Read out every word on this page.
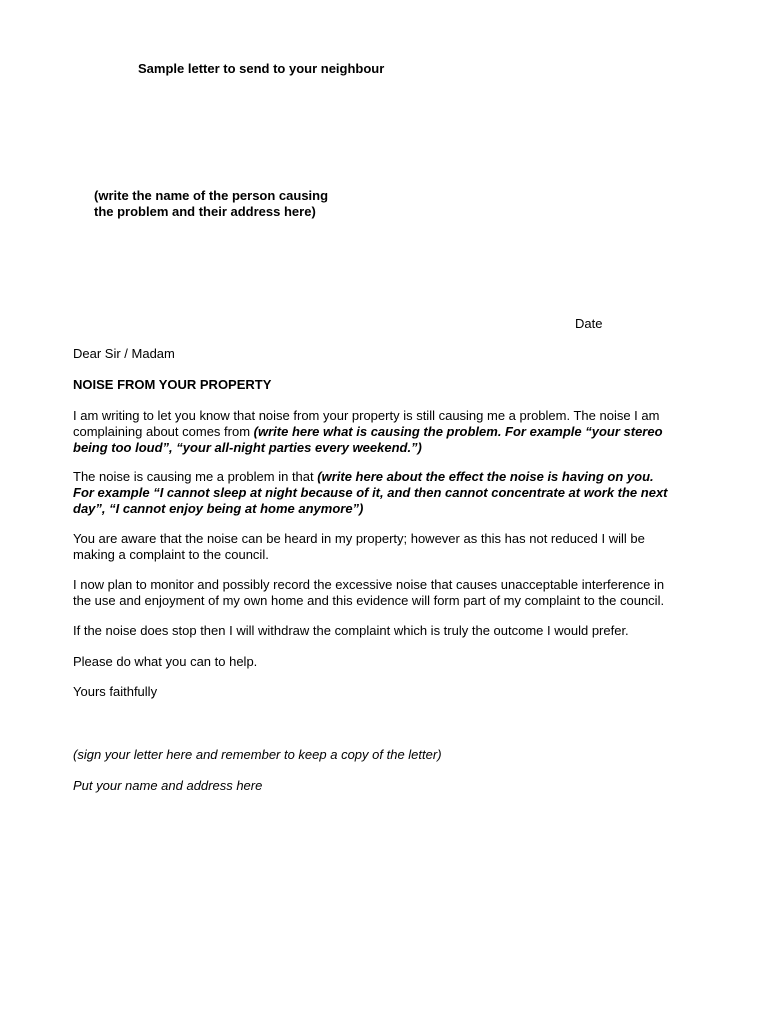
Sample letter to send to your neighbour
(write the name of the person causing
the problem and their address here)
Date
Dear Sir / Madam
NOISE FROM YOUR PROPERTY
I am writing to let you know that noise from your property is still causing me a problem. The noise I am
complaining about comes from (write here what is causing the problem. For example “your stereo
being too loud”, “your all-night parties every weekend.”)
The noise is causing me a problem in that (write here about the effect the noise is having on you.
For example “I cannot sleep at night because of it, and then cannot concentrate at work the next
day”, “I cannot enjoy being at home anymore”)
You are aware that the noise can be heard in my property; however as this has not reduced I will be
making a complaint to the council.
I now plan to monitor and possibly record the excessive noise that causes unacceptable interference in
the use and enjoyment of my own home and this evidence will form part of my complaint to the council.
If the noise does stop then I will withdraw the complaint which is truly the outcome I would prefer.
Please do what you can to help.
Yours faithfully
(sign your letter here and remember to keep a copy of the letter)
Put your name and address here
